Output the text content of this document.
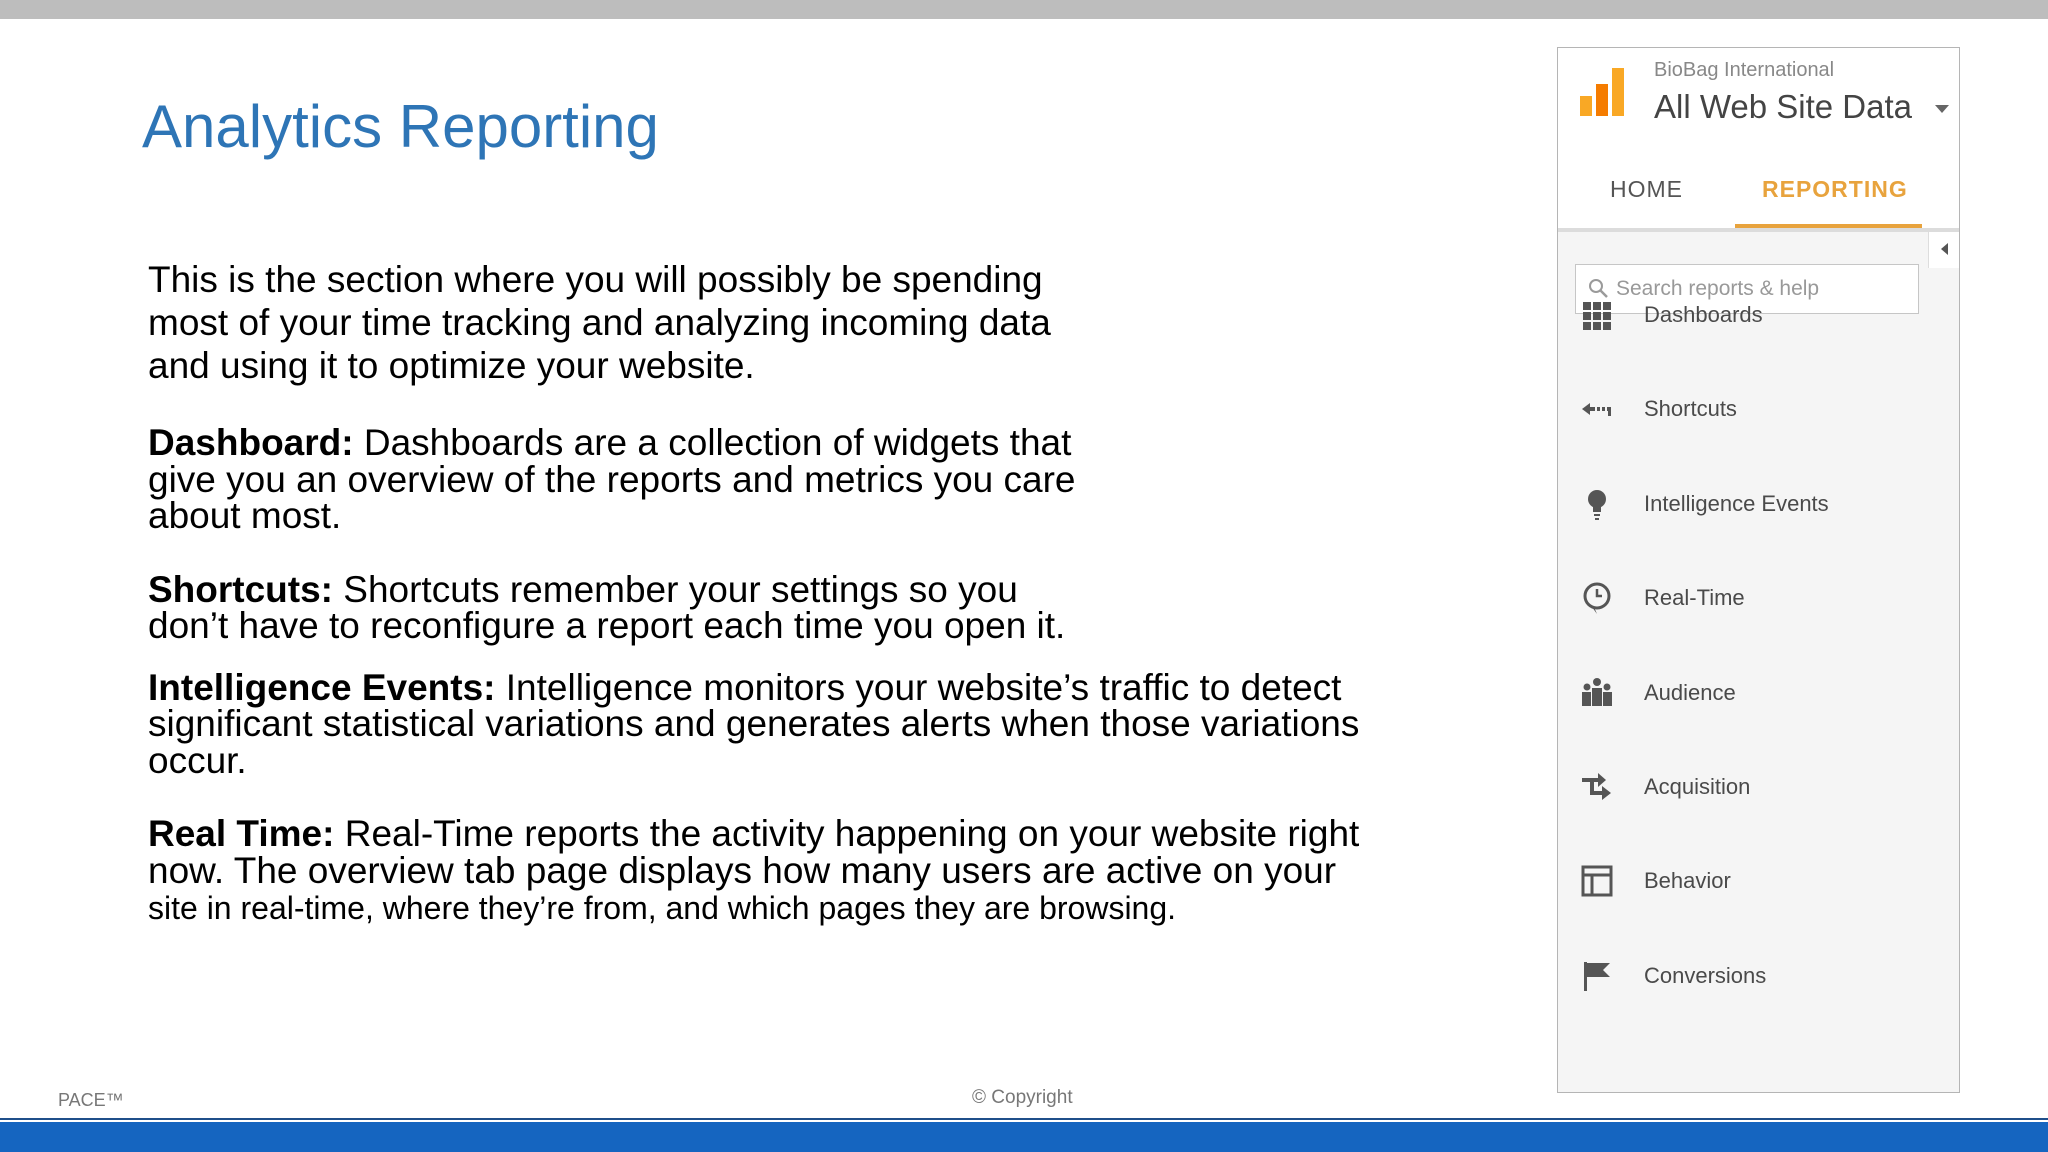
Analytics Reporting

This is the section where you will possibly be spending
most of your time tracking and analyzing incoming data
and using it to optimize your website.

Dashboard: Dashboards are a collection of widgets that
give you an overview of the reports and metrics you care
about most.

Shortcuts: Shortcuts remember your settings so you
don’t have to reconfigure a report each time you open it.

Intelligence Events: Intelligence monitors your website’s traffic to detect
significant statistical variations and generates alerts when those variations
occur.

Real Time: Real-Time reports the activity happening on your website right
now. The overview tab page displays how many users are active on your
site in real-time, where they’re from, and which pages they are browsing.

BioBag International
All Web Site Data
HOME	REPORTING
Search reports & help
Dashboards
Shortcuts
Intelligence Events
Real-Time
Audience
Acquisition
Behavior
Conversions
PACE™	© Copyright
